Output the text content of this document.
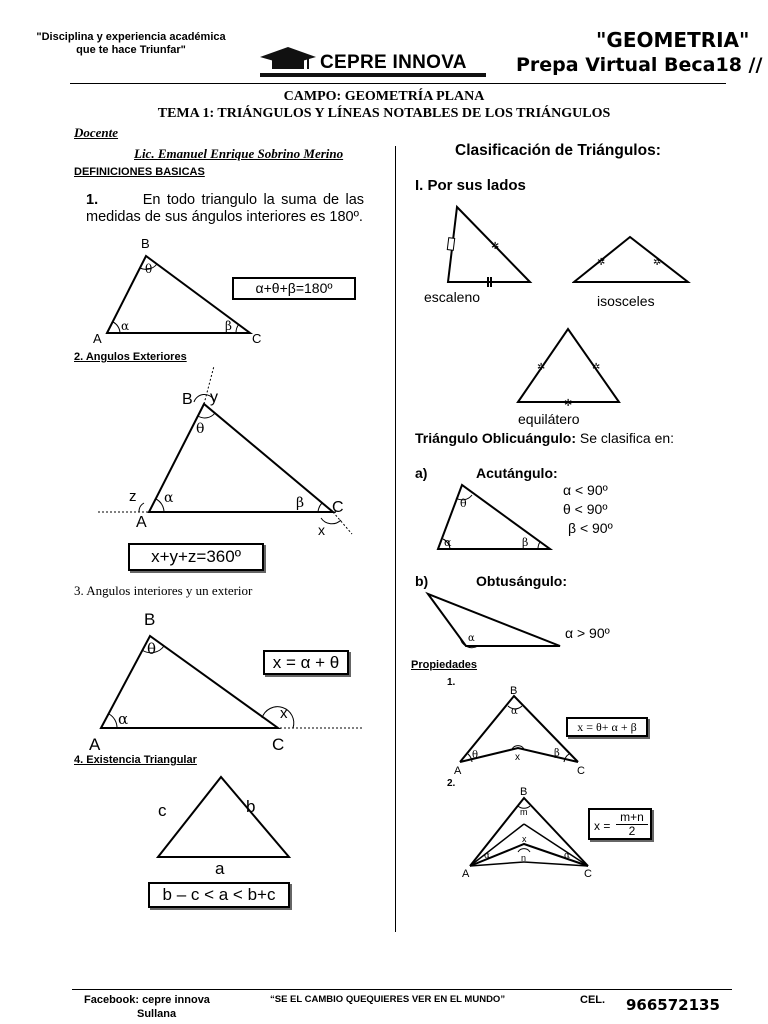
"Disciplina y experiencia académica
que te hace Triunfar"
CEPRE INNOVA
"GEOMETRIA"
Prepa Virtual Beca18 //
CAMPO: GEOMETRÍA PLANA
TEMA 1: TRIÁNGULOS Y LÍNEAS NOTABLES DE LOS TRIÁNGULOS
Docente
Lic. Emanuel Enrique Sobrino Merino
DEFINICIONES BASICAS
1.	En todo triangulo la suma de las medidas de sus ángulos interiores es 180º.
B
θ
A
α	β
C
α+θ+β=180º
2. Angulos Exteriores
B y
θ
z α
A
β C
x
x+y+z=360º
3. Angulos interiores y un exterior
B
θ
α
A	C
x
x = α + θ
4. Existencia Triangular
c	b
a
b – c < a < b+c
Clasificación de Triángulos:
I. Por sus lados
✲
escaleno
✲	✲
isosceles
✲	✲
✲
equilátero
Triángulo Oblicuángulo: Se clasifica en:
a)	Acutángulo:
α < 90º
θ < 90º
β < 90º
θ
α	β
b)	Obtusángulo:
α	α > 90º
Propiedades
1.
B
α
θ	β
x
A	C
x = θ+ α + β
2.
B
m
x
n
α	α
A	C
x =
m+n
2
Facebook: cepre innova
Sullana
“SE EL CAMBIO QUEQUIERES VER EN EL MUNDO”	CEL. 966572135
